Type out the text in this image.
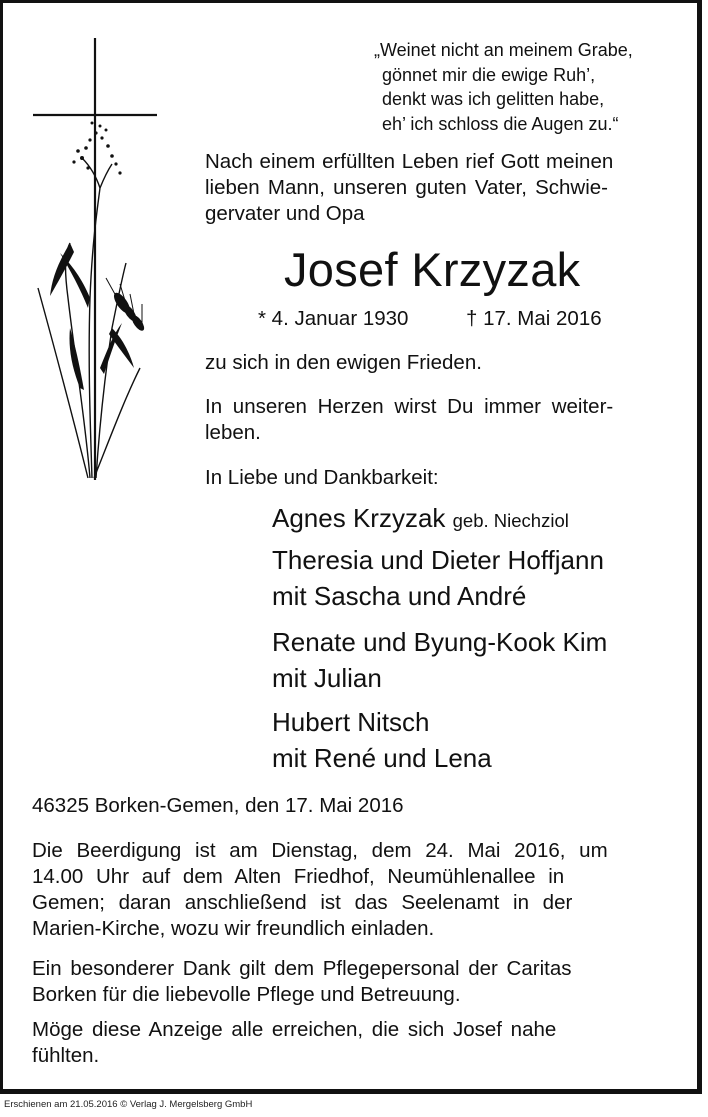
„Weinet nicht an meinem Grabe,
gönnet mir die ewige Ruh’,
denkt was ich gelitten habe,
eh’ ich schloss die Augen zu.“
Nach einem erfüllten Leben rief Gott meinen
lieben Mann, unseren guten Vater, Schwie-
gervater und Opa
Josef Krzyzak
* 4. Januar 1930	† 17. Mai 2016
zu sich in den ewigen Frieden.
In unseren Herzen wirst Du immer weiter-
leben.
In Liebe und Dankbarkeit:
Agnes Krzyzak geb. Niechziol
Theresia und Dieter Hoffjann
mit Sascha und André
Renate und Byung-Kook Kim
mit Julian
Hubert Nitsch
mit René und Lena
46325 Borken-Gemen, den 17. Mai 2016
Die Beerdigung ist am Dienstag, dem 24. Mai 2016, um
14.00 Uhr auf dem Alten Friedhof, Neumühlenallee in
Gemen; daran anschließend ist das Seelenamt in der
Marien-Kirche, wozu wir freundlich einladen.
Ein besonderer Dank gilt dem Pflegepersonal der Caritas
Borken für die liebevolle Pflege und Betreuung.
Möge diese Anzeige alle erreichen, die sich Josef nahe
fühlten.
Erschienen am 21.05.2016 © Verlag J. Mergelsberg GmbH
